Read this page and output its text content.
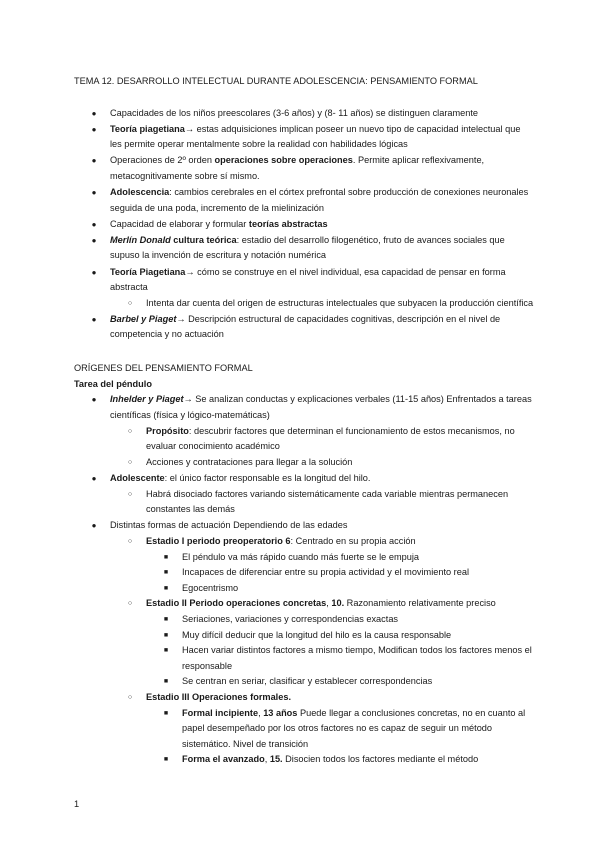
TEMA 12. DESARROLLO INTELECTUAL DURANTE ADOLESCENCIA: PENSAMIENTO FORMAL
● Capacidades de los niños preescolares (3-6 años) y (8- 11 años) se distinguen claramente
● Teoría piagetiana→ estas adquisiciones implican poseer un nuevo tipo de capacidad intelectual que les permite operar mentalmente sobre la realidad con habilidades lógicas
● Operaciones de 2º orden operaciones sobre operaciones. Permite aplicar reflexivamente, metacognitivamente sobre sí mismo.
● Adolescencia: cambios cerebrales en el córtex prefrontal sobre producción de conexiones neuronales seguida de una poda, incremento de la mielinización
● Capacidad de elaborar y formular teorías abstractas
● Merlín Donald cultura teórica: estadio del desarrollo filogenético, fruto de avances sociales que supuso la invención de escritura y notación numérica
● Teoría Piagetiana→ cómo se construye en el nivel individual, esa capacidad de pensar en forma abstracta
○	Intenta dar cuenta del origen de estructuras intelectuales que subyacen la producción científica
● Barbel y Piaget→ Descripción estructural de capacidades cognitivas, descripción en el nivel de competencia y no actuación
ORÍGENES DEL PENSAMIENTO FORMAL
Tarea del péndulo
● Inhelder y Piaget→ Se analizan conductas y explicaciones verbales (11-15 años) Enfrentados a tareas científicas (física y lógico-matemáticas)
○	Propósito: descubrir factores que determinan el funcionamiento de estos mecanismos, no evaluar conocimiento académico
○	Acciones y contrataciones para llegar a la solución
● Adolescente: el único factor responsable es la longitud del hilo.
○	Habrá disociado factores variando sistemáticamente cada variable mientras permanecen constantes las demás
● Distintas formas de actuación Dependiendo de las edades
○	Estadio I periodo preoperatorio 6: Centrado en su propia acción
■	El péndulo va más rápido cuando más fuerte se le empuja
■	Incapaces de diferenciar entre su propia actividad y el movimiento real
■	Egocentrismo
○	Estadio II Periodo operaciones concretas, 10. Razonamiento relativamente preciso
■	Seriaciones, variaciones y correspondencias exactas
■	Muy difícil deducir que la longitud del hilo es la causa responsable
■	Hacen variar distintos factores a mismo tiempo, Modifican todos los factores menos el responsable
■	Se centran en seriar, clasificar y establecer correspondencias
○	Estadio III Operaciones formales.
■	Formal incipiente, 13 años Puede llegar a conclusiones concretas, no en cuanto al papel desempeñado por los otros factores no es capaz de seguir un método sistemático. Nivel de transición
■	Forma el avanzado, 15. Disocien todos los factores mediante el método
1
